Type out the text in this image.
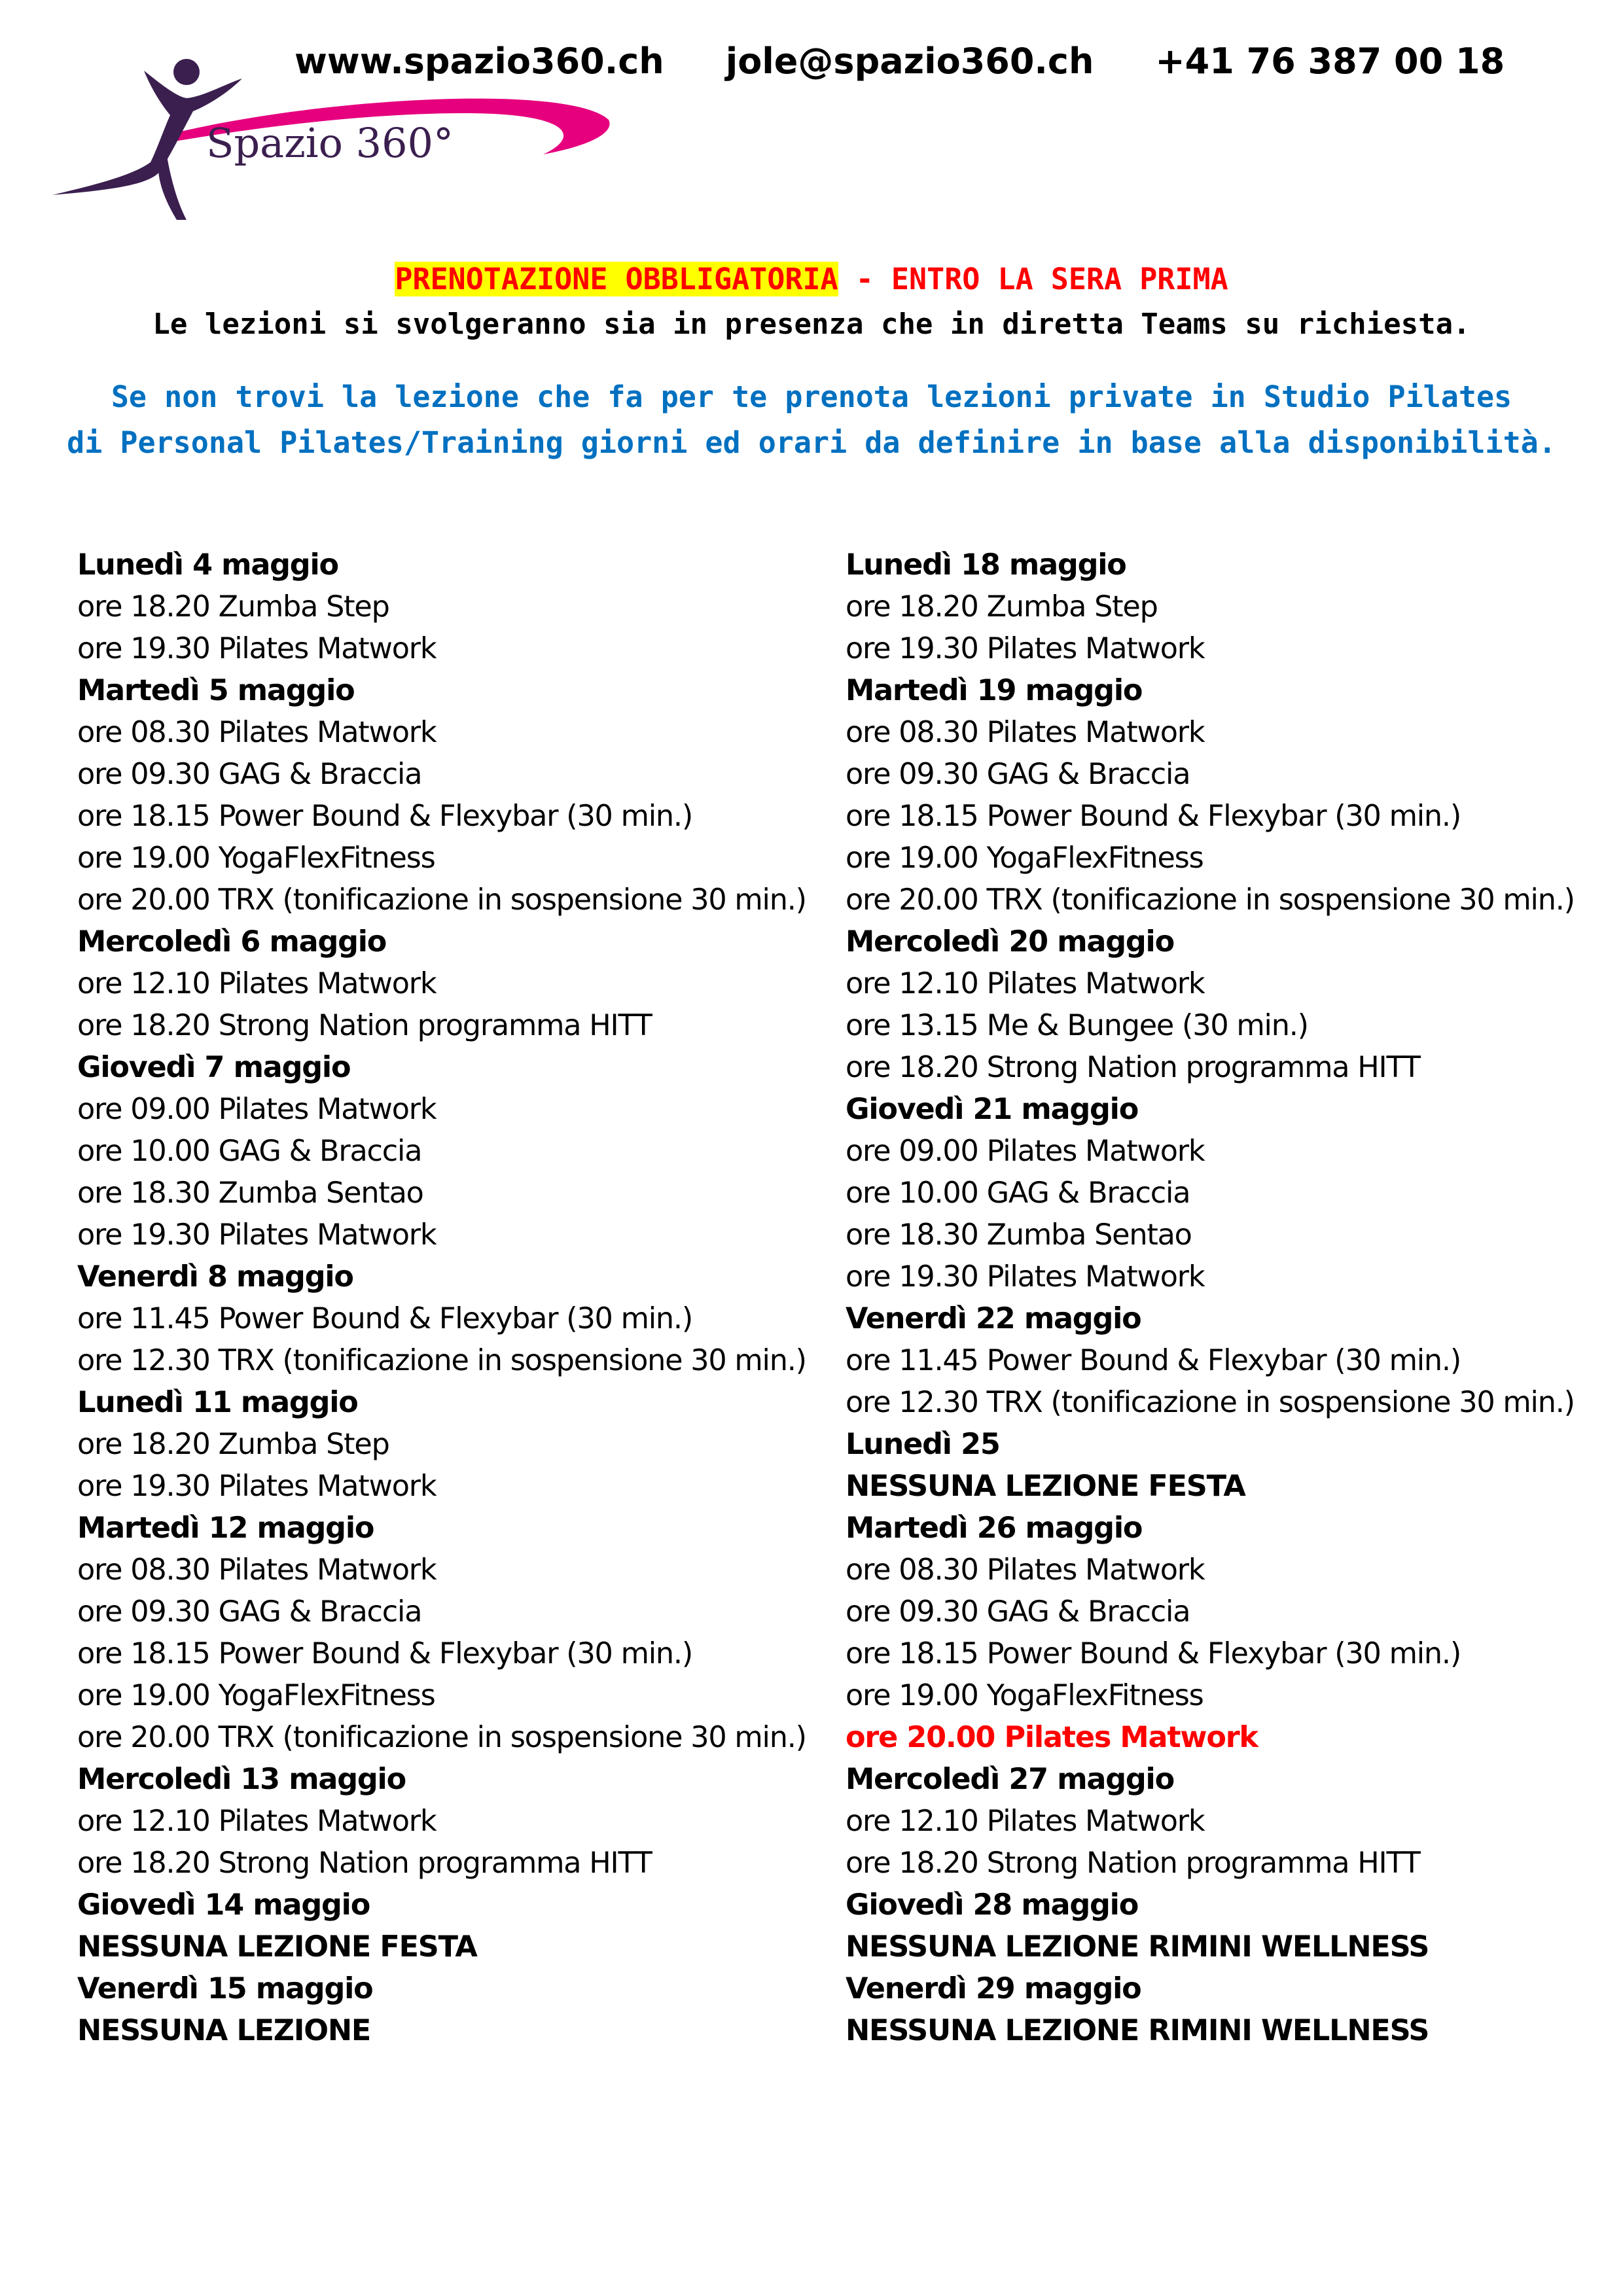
Spazio 360°
www.spazio360.ch jole@spazio360.ch +41 76 387 00 18
PRENOTAZIONE OBBLIGATORIA - ENTRO LA SERA PRIMA
Le lezioni si svolgeranno sia in presenza che in diretta Teams su richiesta.
Se non trovi la lezione che fa per te prenota lezioni private in Studio Pilates
di Personal Pilates/Training giorni ed orari da definire in base alla disponibilità.
Lunedì 4 maggio
ore 18.20 Zumba Step
ore 19.30 Pilates Matwork
Martedì 5 maggio
ore 08.30 Pilates Matwork
ore 09.30 GAG & Braccia
ore 18.15 Power Bound & Flexybar (30 min.)
ore 19.00 YogaFlexFitness
ore 20.00 TRX (tonificazione in sospensione 30 min.)
Mercoledì 6 maggio
ore 12.10 Pilates Matwork
ore 18.20 Strong Nation programma HITT
Giovedì 7 maggio
ore 09.00 Pilates Matwork
ore 10.00 GAG & Braccia
ore 18.30 Zumba Sentao
ore 19.30 Pilates Matwork
Venerdì 8 maggio
ore 11.45 Power Bound & Flexybar (30 min.)
ore 12.30 TRX (tonificazione in sospensione 30 min.)
Lunedì 11 maggio
ore 18.20 Zumba Step
ore 19.30 Pilates Matwork
Martedì 12 maggio
ore 08.30 Pilates Matwork
ore 09.30 GAG & Braccia
ore 18.15 Power Bound & Flexybar (30 min.)
ore 19.00 YogaFlexFitness
ore 20.00 TRX (tonificazione in sospensione 30 min.)
Mercoledì 13 maggio
ore 12.10 Pilates Matwork
ore 18.20 Strong Nation programma HITT
Giovedì 14 maggio
NESSUNA LEZIONE FESTA
Venerdì 15 maggio
NESSUNA LEZIONE
Lunedì 18 maggio
ore 18.20 Zumba Step
ore 19.30 Pilates Matwork
Martedì 19 maggio
ore 08.30 Pilates Matwork
ore 09.30 GAG & Braccia
ore 18.15 Power Bound & Flexybar (30 min.)
ore 19.00 YogaFlexFitness
ore 20.00 TRX (tonificazione in sospensione 30 min.)
Mercoledì 20 maggio
ore 12.10 Pilates Matwork
ore 13.15 Me & Bungee (30 min.)
ore 18.20 Strong Nation programma HITT
Giovedì 21 maggio
ore 09.00 Pilates Matwork
ore 10.00 GAG & Braccia
ore 18.30 Zumba Sentao
ore 19.30 Pilates Matwork
Venerdì 22 maggio
ore 11.45 Power Bound & Flexybar (30 min.)
ore 12.30 TRX (tonificazione in sospensione 30 min.)
Lunedì 25
NESSUNA LEZIONE FESTA
Martedì 26 maggio
ore 08.30 Pilates Matwork
ore 09.30 GAG & Braccia
ore 18.15 Power Bound & Flexybar (30 min.)
ore 19.00 YogaFlexFitness
ore 20.00 Pilates Matwork
Mercoledì 27 maggio
ore 12.10 Pilates Matwork
ore 18.20 Strong Nation programma HITT
Giovedì 28 maggio
NESSUNA LEZIONE RIMINI WELLNESS
Venerdì 29 maggio
NESSUNA LEZIONE RIMINI WELLNESS
